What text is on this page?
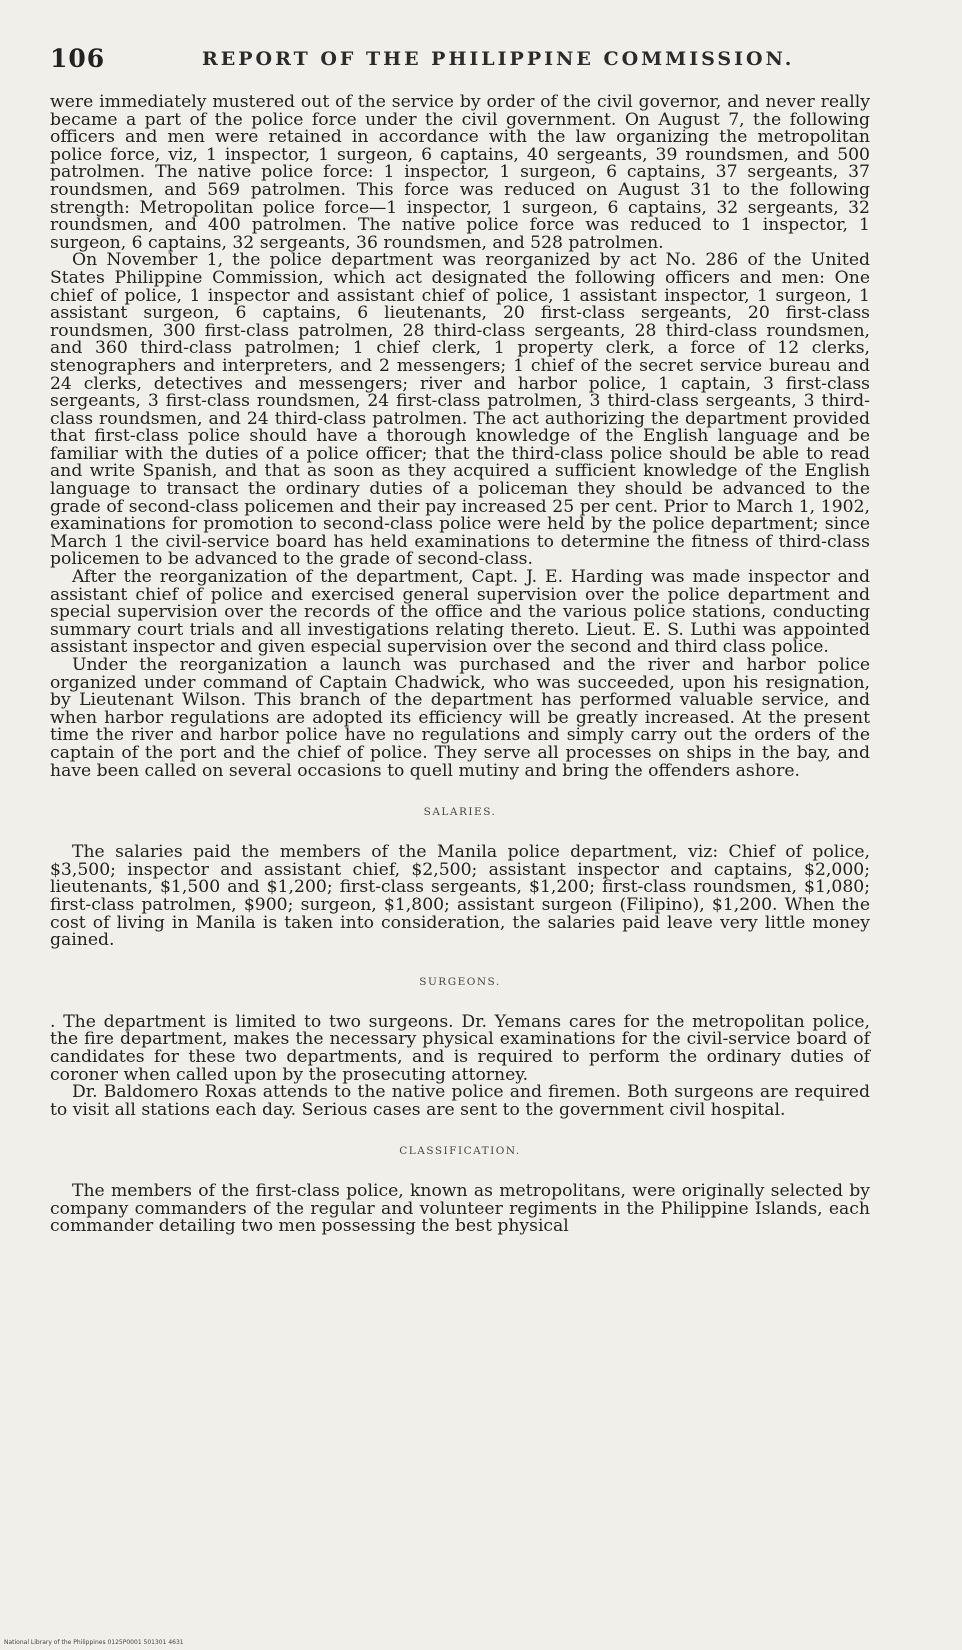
106	REPORT OF THE PHILIPPINE COMMISSION.

were immediately mustered out of the service by order of the civil governor, and never really became a part of the police force under the civil government. On August 7, the following officers and men were retained in accordance with the law organizing the metropolitan police force, viz, 1 inspector, 1 surgeon, 6 captains, 40 sergeants, 39 roundsmen, and 500 patrolmen. The native police force: 1 inspector, 1 surgeon, 6 captains, 37 sergeants, 37 roundsmen, and 569 patrolmen. This force was reduced on August 31 to the following strength: Metropolitan police force—1 inspector, 1 surgeon, 6 captains, 32 sergeants, 32 roundsmen, and 400 patrolmen. The native police force was reduced to 1 inspector, 1 surgeon, 6 captains, 32 sergeants, 36 roundsmen, and 528 patrolmen.

On November 1, the police department was reorganized by act No. 286 of the United States Philippine Commission, which act designated the following officers and men: One chief of police, 1 inspector and assistant chief of police, 1 assistant inspector, 1 surgeon, 1 assistant surgeon, 6 captains, 6 lieutenants, 20 first-class sergeants, 20 first-class roundsmen, 300 first-class patrolmen, 28 third-class sergeants, 28 third-class roundsmen, and 360 third-class patrolmen; 1 chief clerk, 1 property clerk, a force of 12 clerks, stenographers and interpreters, and 2 messengers; 1 chief of the secret service bureau and 24 clerks, detectives and messengers; river and harbor police, 1 captain, 3 first-class sergeants, 3 first-class roundsmen, 24 first-class patrolmen, 3 third-class sergeants, 3 third-class roundsmen, and 24 third-class patrolmen. The act authorizing the department provided that first-class police should have a thorough knowledge of the English language and be familiar with the duties of a police officer; that the third-class police should be able to read and write Spanish, and that as soon as they acquired a sufficient knowledge of the English language to transact the ordinary duties of a policeman they should be advanced to the grade of second-class policemen and their pay increased 25 per cent. Prior to March 1, 1902, examinations for promotion to second-class police were held by the police department; since March 1 the civil-service board has held examinations to determine the fitness of third-class policemen to be advanced to the grade of second-class.

After the reorganization of the department, Capt. J. E. Harding was made inspector and assistant chief of police and exercised general supervision over the police department and special supervision over the records of the office and the various police stations, conducting summary court trials and all investigations relating thereto. Lieut. E. S. Luthi was appointed assistant inspector and given especial supervision over the second and third class police.

Under the reorganization a launch was purchased and the river and harbor police organized under command of Captain Chadwick, who was succeeded, upon his resignation, by Lieutenant Wilson. This branch of the department has performed valuable service, and when harbor regulations are adopted its efficiency will be greatly increased. At the present time the river and harbor police have no regulations and simply carry out the orders of the captain of the port and the chief of police. They serve all processes on ships in the bay, and have been called on several occasions to quell mutiny and bring the offenders ashore.

SALARIES.

The salaries paid the members of the Manila police department, viz: Chief of police, $3,500; inspector and assistant chief, $2,500; assistant inspector and captains, $2,000; lieutenants, $1,500 and $1,200; first-class sergeants, $1,200; first-class roundsmen, $1,080; first-class patrolmen, $900; surgeon, $1,800; assistant surgeon (Filipino), $1,200. When the cost of living in Manila is taken into consideration, the salaries paid leave very little money gained.

SURGEONS.

. The department is limited to two surgeons. Dr. Yemans cares for the metropolitan police, the fire department, makes the necessary physical examinations for the civil-service board of candidates for these two departments, and is required to perform the ordinary duties of coroner when called upon by the prosecuting attorney.

Dr. Baldomero Roxas attends to the native police and firemen. Both surgeons are required to visit all stations each day. Serious cases are sent to the government civil hospital.

CLASSIFICATION.

The members of the first-class police, known as metropolitans, were originally selected by company commanders of the regular and volunteer regiments in the Philippine Islands, each commander detailing two men possessing the best physical

National Library of the Philippines 0125P0001 501301 4631
